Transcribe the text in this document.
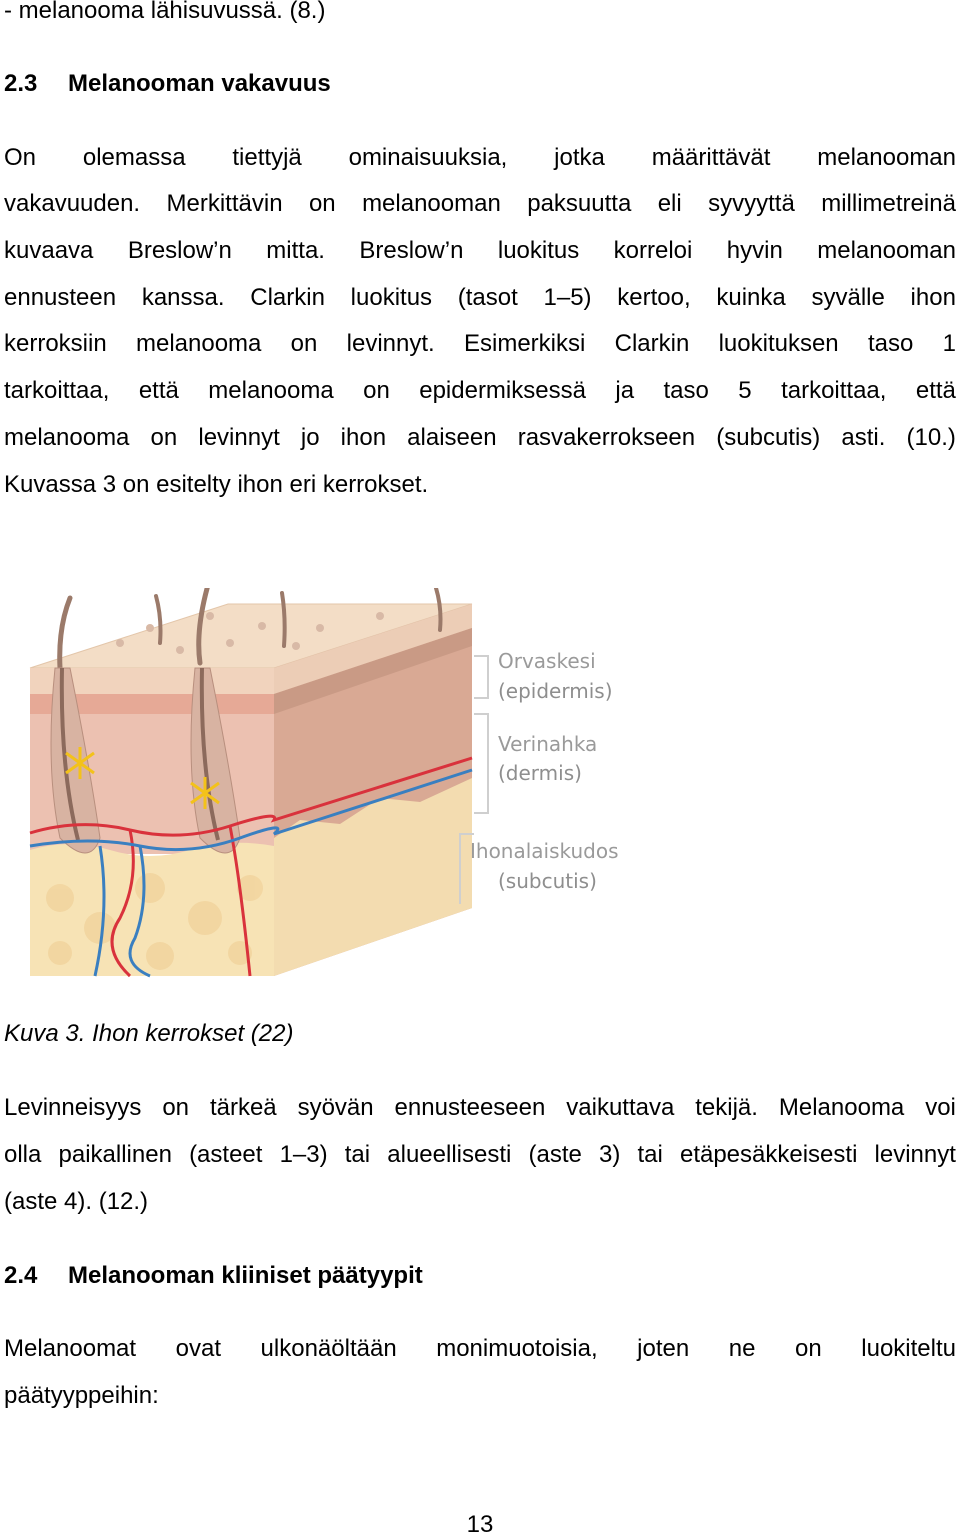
- melanooma lähisuvussä. (8.)
2.3 Melanooman vakavuus
On olemassa tiettyjä ominaisuuksia, jotka määrittävät melanooman
vakavuuden. Merkittävin on melanooman paksuutta eli syvyyttä millimetreinä
kuvaava Breslow’n mitta. Breslow’n luokitus korreloi hyvin melanooman
ennusteen kanssa. Clarkin luokitus (tasot 1–5) kertoo, kuinka syvälle ihon
kerroksiin melanooma on levinnyt. Esimerkiksi Clarkin luokituksen taso 1
tarkoittaa, että melanooma on epidermiksessä ja taso 5 tarkoittaa, että
melanooma on levinnyt jo ihon alaiseen rasvakerrokseen (subcutis) asti. (10.)
Kuvassa 3 on esitelty ihon eri kerrokset.
Orvaskesi
(epidermis)
Verinahka
(dermis)
Ihonalaiskudos
(subcutis)
Kuva 3. Ihon kerrokset (22)
Levinneisyys on tärkeä syövän ennusteeseen vaikuttava tekijä. Melanooma voi
olla paikallinen (asteet 1–3) tai alueellisesti (aste 3) tai etäpesäkkeisesti levinnyt
(aste 4). (12.)
2.4 Melanooman kliiniset päätyypit
Melanoomat ovat ulkonäöltään monimuotoisia, joten ne on luokiteltu
päätyyppeihin:
13
